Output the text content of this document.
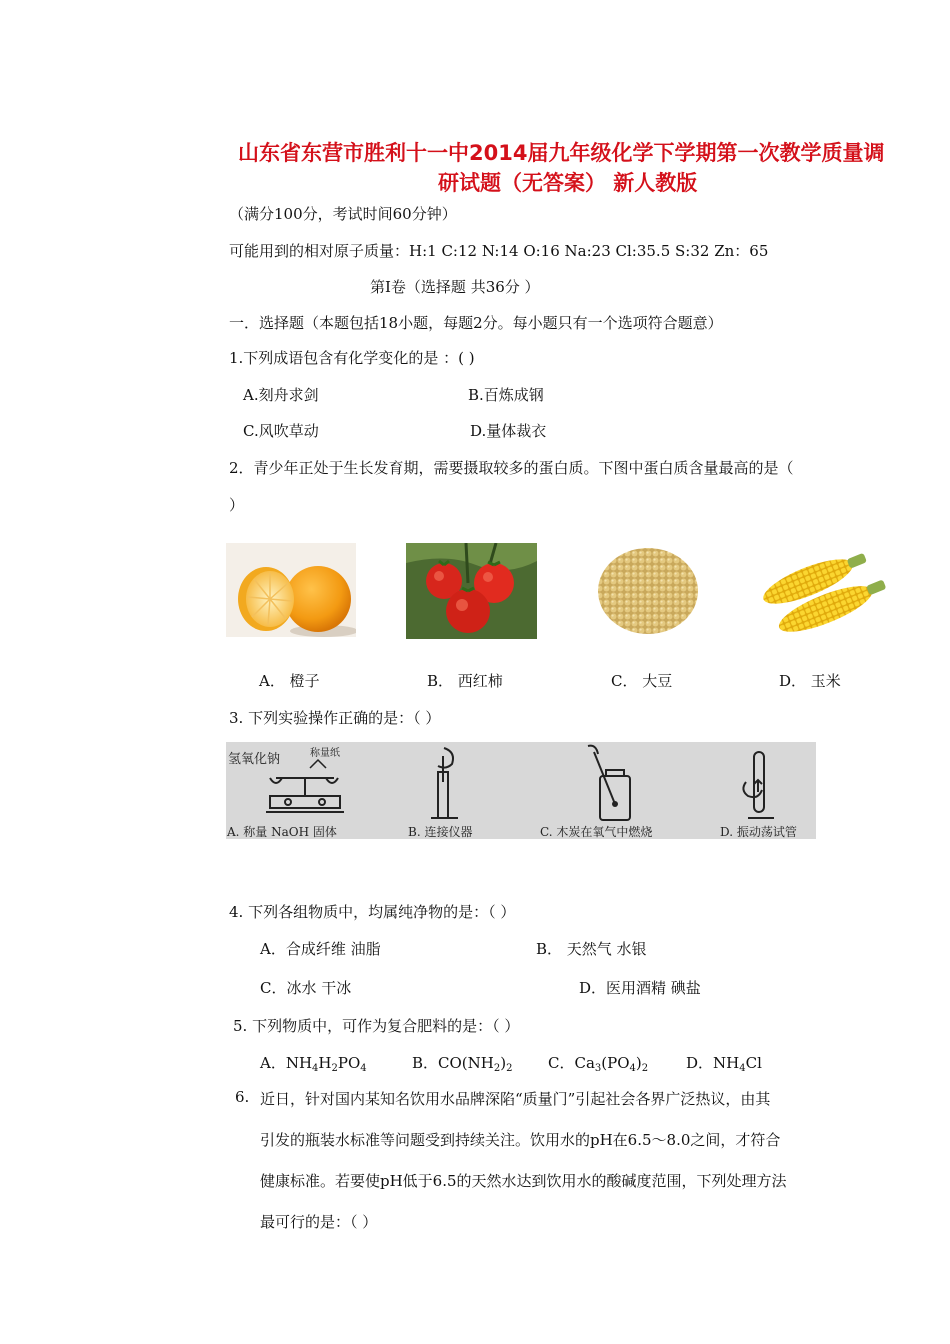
山东省东营市胜利十一中2014届九年级化学下学期第一次教学质量调
研试题（无答案） 新人教版
（满分100分，考试时间60分钟）
可能用到的相对原子质量：H:1 C:12 N:14 O:16 Na:23 Cl:35.5 S:32 Zn：65
第Ⅰ卷（选择题 共36分 ）
一．选择题（本题包括18小题，每题2分。每小题只有一个选项符合题意）
1.下列成语包含有化学变化的是 ：( )
A.刻舟求剑	B.百炼成钢
C.风吹草动	D.量体裁衣
2．青少年正处于生长发育期，需要摄取较多的蛋白质。下图中蛋白质含量最高的是（
）
A． 橙子	B． 西红柿	C． 大豆	D． 玉米
3. 下列实验操作正确的是：（ ）
氢氧化钠	称量纸
A. 称量 NaOH 固体	B. 连接仪器	C. 木炭在氧气中燃烧	D. 振动荡试管
4. 下列各组物质中，均属纯净物的是：（ ）
A．合成纤维 油脂	B． 天然气 水银
C．冰水 干冰	D．医用酒精 碘盐
5. 下列物质中，可作为复合肥料的是：（ ）
A．$NH_4H_2PO_4$	B．$CO(NH_2)_2$ C．$Ca_3(PO_4)_2$	D．$NH_4Cl$
6. 近日，针对国内某知名饮用水品牌深陷“质量门”引起社会各界广泛热议，由其
引发的瓶装水标准等问题受到持续关注。饮用水的pH在6.5～8.0之间，才符合
健康标准。若要使pH低于6.5的天然水达到饮用水的酸碱度范围，下列处理方法
最可行的是：（ ）
